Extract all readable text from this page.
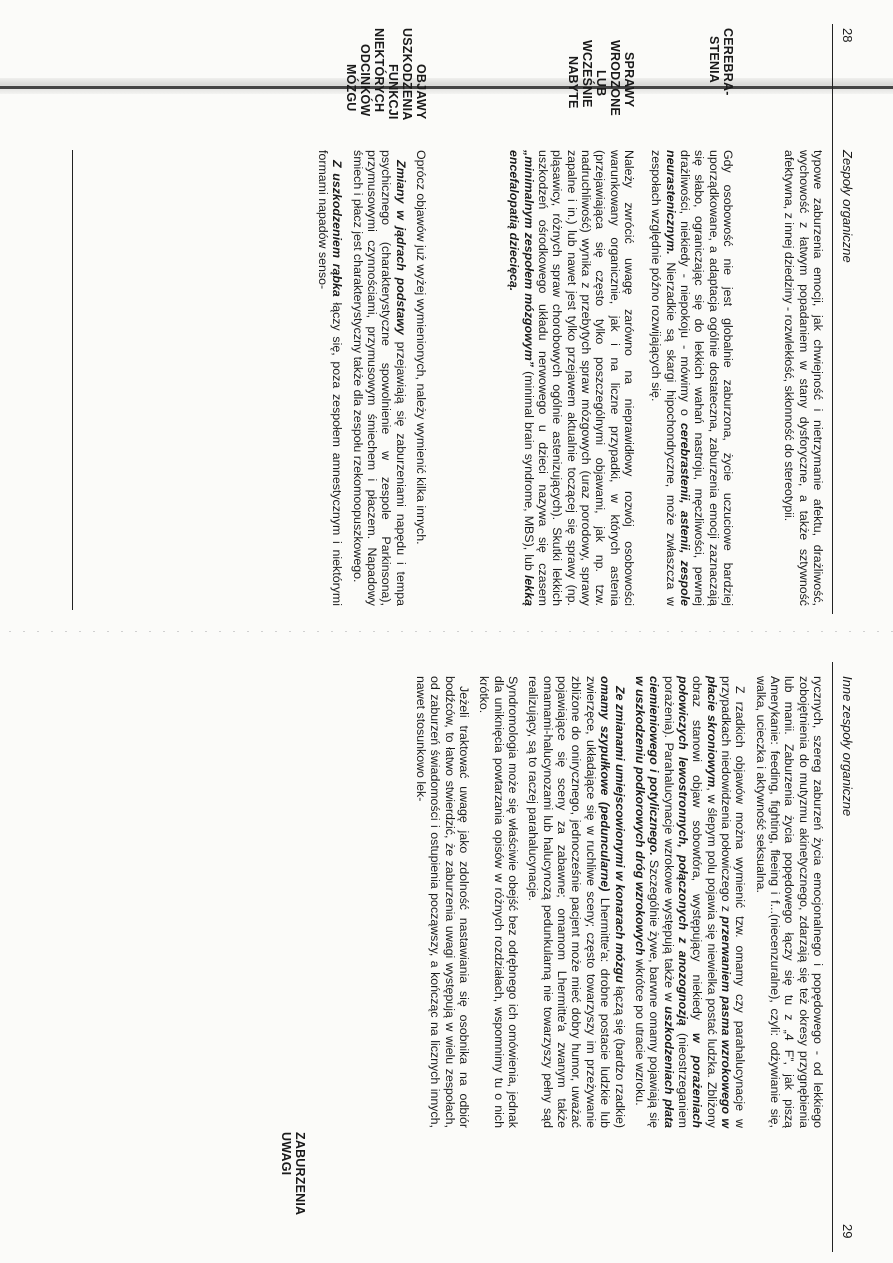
28
Zespoły organiczne

typowe zaburzenia emocji, jak chwiejność i nietrzymanie afektu, drażliwość, wychowość z łatwym popadaniem w stany dysforyczne, a także sztywność afektywna, z innej dziedziny - rozwlekłość, skłonność do stereotypii.

CEREBRA-
STENIA

Gdy osobowość nie jest globalnie zaburzona, życie uczuciowe bardziej uporządkowane, a adaptacja ogólnie dostateczna, zaburzenia emocji zaznaczają się słabo, ograniczając się do lekkich wahań nastroju, męczliwości, pewnej drażliwości, niekiedy - niepokoju - mówimy o cerebrastenii, astenii, zespole neurastenicznym. Nierzadkie są skargi hipochondryczne, może zwłaszcza w zespołach względnie późno rozwijających się.

SPRAWY
WRODZONE
LUB
WCZEŚNIE
NABYTE

Należy zwrócić uwagę zarówno na nieprawidłowy rozwój osobowości warunkowany organicznie, jak i na liczne przypadki, w których astenia (przejawiająca się często tylko poszczególnymi objawami, jak np. tzw. nadruchliwość) wynika z przebytych spraw mózgowych (uraz porodowy, sprawy zapalne i in.) lub nawet jest tylko przejawem aktualnie toczącej się sprawy (np. pląsawicy, różnych spraw chorobowych ogólnie astenizujących). Skutki lekkich uszkodzeń ośrodkowego układu nerwowego u dzieci nazywa się czasem „minimalnym zespołem mózgowym” (minimal brain syndrome, MBS), lub lekką encefalopatią dziecięcą.

OBJAWY
USZKODZENIA
FUNKCJI
NIEKTÓRYCH
ODCINKÓW
MÓZGU

Oprócz objawów już wyżej wymienionych, należy wymienić kilka innych.

Zmiany w jądrach podstawy przejawiają się zaburzeniami napędu i tempa psychicznego (charakterystyczne spowolnienie w zespole Parkinsona), przymusowymi czynnościami, przymusowym śmiechem i płaczem. Napadowy śmiech i płacz jest charakterystyczny także dla zespołu rzekomoopuszkowego.

Z uszkodzeniem rąbka łączy się, poza zespołem amnestycznym i niektórymi formami napadów senso-

Inne zespoły organiczne
29

rycznych, szereg zaburzeń życia emocjonalnego i popędowego - od lekkiego zobojętnienia do mutyzmu akinetycznego, zdarzają się też okresy przygnębienia lub manii. Zaburzenia życia popędowego łączy się tu z „4 F”, jak piszą Amerykanie: feeding, fighting, fleeing i f...(niecenzuralne), czyli: odżywianie się, walka, ucieczka i aktywność seksualna.

Z rzadkich objawów można wymienić tzw. omamy czy parahalucynacje w przypadkach niedowidzenia połowiczego z przerwaniem pasma wzrokowego w płacie skroniowym, w ślepym polu pojawia się niewielka postać ludzka. Zbliżony obraz stanowi objaw sobowtóra, występujący niekiedy w porażeniach połowiczych lewostronnych, połączonych z anozognozją (nieostrzeganiem porażenia). Parahalucynacje wzrokowe występują także w uszkodzeniach płata ciemieniowego i potylicznego. Szczególnie żywe, barwne omamy pojawiają się w uszkodzeniu podkorowych dróg wzrokowych wkrótce po utracie wzroku.

Ze zmianami umiejscowionymi w konarach mózgu łączą się (bardzo rzadkie) omamy szypułkowe (peduncularne) Lhermitte'a: drobne postacie ludzkie lub zwierzęce, układające się w ruchliwe sceny; często towarzyszy im przeżywanie zbliżone do onirycznego, jednocześnie pacjent może mieć dobry humor, uważać pojawiające się sceny za zabawne; omamom Lhermitte'a zwanym także omamami-halucynozami lub halucynozą pedunkularną nie towarzyszy pełny sąd realizujący, są to raczej parahalucynacje.

Syndromologia może się właściwie obejść bez odrębnego ich omówienia, jednak dla uniknięcia powtarzania opisów w różnych rozdziałach, wspomnimy tu o nich krótko.

Jeżeli traktować uwagę jako zdolność nastawiania się osobnika na odbiór bodźców, to łatwo stwierdzić, że zaburzenia uwagi występują w wielu zespołach, od zaburzeń świadomości i ostupienia począwszy, a kończąc na licznych innych, nawet stosunkowo lek-

ZABURZENIA
UWAGI
